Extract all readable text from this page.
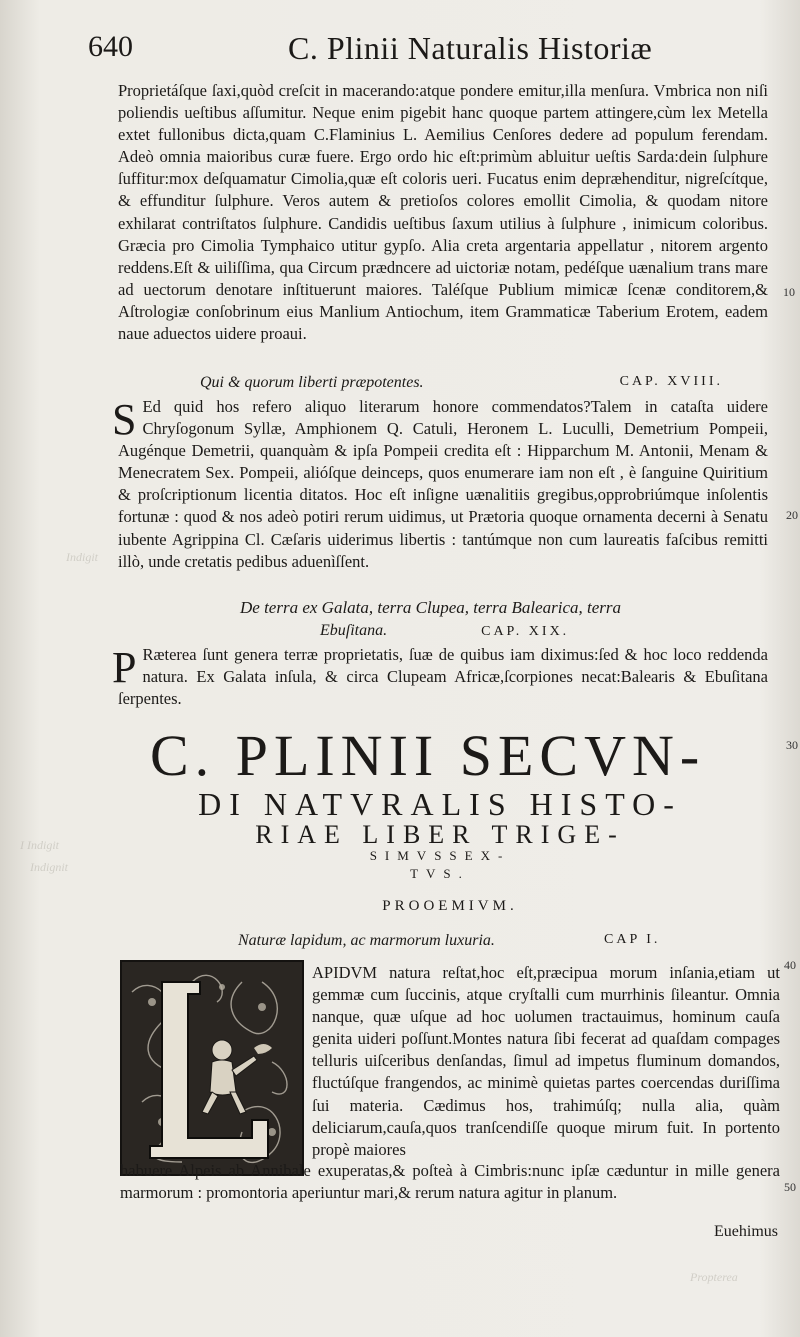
640	C. Plinii Naturalis Historiæ

Proprietáſque ſaxi,quòd creſcit in macerando:atque pondere emitur,illa menſura. Vmbrica non niſi poliendis ueſtibus aſſumitur. Neque enim pigebit hanc quoque partem attingere,cùm lex Metella extet fullonibus dicta,quam C.Flaminius L. Aemilius Cenſores dedere ad populum ferendam. Adeò omnia maioribus curæ fuere. Ergo ordo hic eſt:primùm abluitur ueſtis Sarda:dein ſulphure ſuffitur:mox deſquamatur Cimolia,quæ eſt coloris ueri. Fucatus enim depræhenditur, nigreſcítque, & effunditur ſulphure. Veros autem & pretioſos colores emollit Cimolia, & quodam nitore exhilarat contriſtatos ſulphure. Candidis ueſtibus ſaxum utilius à ſulphure , inimicum coloribus. Græcia pro Cimolia Tymphaico utitur gypſo. Alia creta argentaria appellatur , nitorem argento reddens.Eſt & uiliſſima, qua Circum prædncere ad uictoriæ notam, pedéſque uænalium trans mare ad uectorum denotare inſtituerunt maiores. Taléſque Publium mimicæ ſcenæ conditorem,& Aſtrologiæ conſobrinum eius Manlium Antiochum, item Grammaticæ Taberium Erotem, eadem naue aduectos uidere proaui.

Qui & quorum liberti præpotentes.	CAP. XVIII.
S Ed quid hos refero aliquo literarum honore commendatos?Talem in cataſta uidere Chryſogonum Syllæ, Amphionem Q. Catuli, Heronem L. Luculli, Demetrium Pompeii, Augénque Demetrii, quanquàm & ipſa Pompeii credita eſt : Hipparchum M. Antonii, Menam & Menecratem Sex. Pompeii, alióſque deinceps, quos enumerare iam non eſt , è ſanguine Quiritium & proſcriptionum licentia ditatos. Hoc eſt inſigne uænalitiis gregibus,opprobriúmque inſolentis fortunæ : quod & nos adeò potiri rerum uidimus, ut Prætoria quoque ornamenta decerni à Senatu iubente Agrippina Cl. Cæſaris uiderimus libertis : tantúmque non cum laureatis faſcibus remitti illò, unde cretatis pedibus aduenìſſent.

De terra ex Galata, terra Clupea, terra Balearica, terra
Ebuſitana.	CAP. XIX.
P Ræterea ſunt genera terræ proprietatis, ſuæ de quibus iam diximus:ſed & hoc loco reddenda natura. Ex Galata inſula, & circa Clupeam Africæ,ſcorpiones necat:Balearis & Ebuſitana ſerpentes.

C. PLINII SECVN-
DI NATVRALIS HISTO-
RIAE LIBER TRIGE-
SIMVSSEX-
TVS.
PROOEMIVM.
Naturæ lapidum, ac marmorum luxuria.	CAP I.

APIDVM natura reſtat,hoc eſt,præcipua morum inſania,etiam ut gemmæ cum ſuccinis, atque cryſtalli cum murrhinis ſileantur. Omnia nanque, quæ uſque ad hoc uolumen tractauimus, hominum cauſa genita uideri poſſunt.Montes natura ſibi fecerat ad quaſdam compages telluris uiſceribus denſandas, ſimul ad impetus fluminum domandos, fluctúſque frangendos, ac minimè quietas partes coercendas duriſſima ſui materia. Cædimus hos, trahimúſq; nulla alia, quàm deliciarum,cauſa,quos tranſcendiſſe quoque mirum fuit. In portento propè maiores

habuere Alpeis ab Annibale exuperatas,& poſteà à Cimbris:nunc ipſæ cæduntur in mille genera marmorum : promontoria aperiuntur mari,& rerum natura agitur in planum.

Euehimus
10
20
30
40
50
Indigit
I Indigit
Propterea
Indignit
